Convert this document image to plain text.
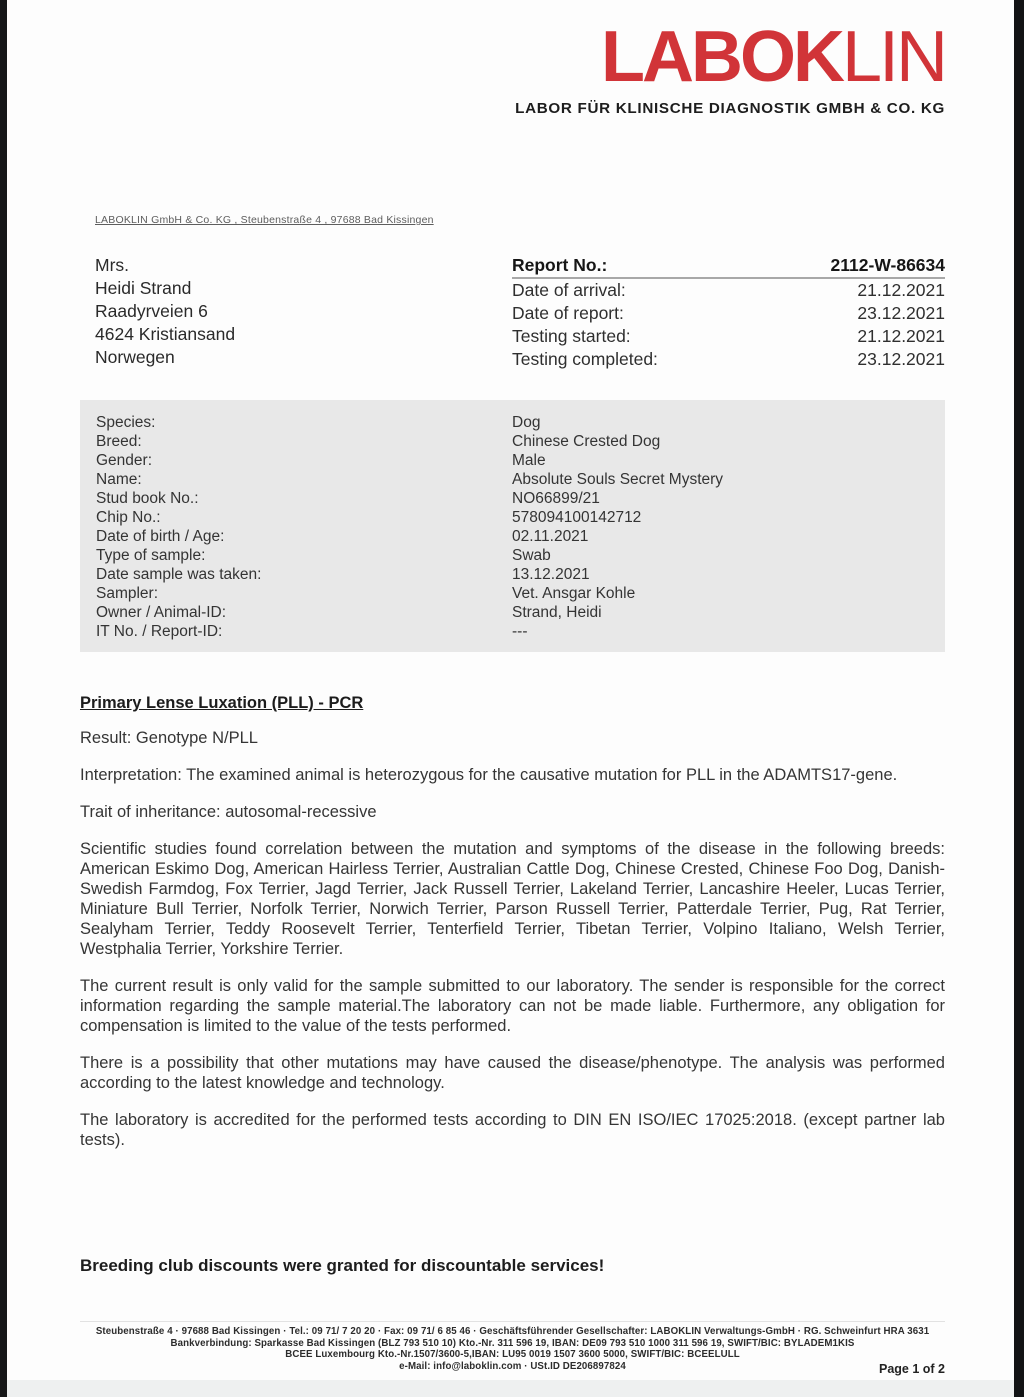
LABOKLIN
LABOR FÜR KLINISCHE DIAGNOSTIK GMBH & CO. KG
LABOKLIN GmbH & Co. KG , Steubenstraße 4 , 97688 Bad Kissingen
Mrs.
Heidi Strand
Raadyrveien 6
4624 Kristiansand
Norwegen
Report No.:	2112-W-86634
Date of arrival:	21.12.2021
Date of report:	23.12.2021
Testing started:	21.12.2021
Testing completed:	23.12.2021
Species:	Dog
Breed:	Chinese Crested Dog
Gender:	Male
Name:	Absolute Souls Secret Mystery
Stud book No.:	NO66899/21
Chip No.:	578094100142712
Date of birth / Age:	02.11.2021
Type of sample:	Swab
Date sample was taken:	13.12.2021
Sampler:	Vet. Ansgar Kohle
Owner / Animal-ID:	Strand, Heidi
IT No. / Report-ID:	---
Primary Lense Luxation (PLL) - PCR
Result: Genotype N/PLL
Interpretation: The examined animal is heterozygous for the causative mutation for PLL in the ADAMTS17-gene.
Trait of inheritance: autosomal-recessive
Scientific studies found correlation between the mutation and symptoms of the disease in the following breeds: American Eskimo Dog, American Hairless Terrier, Australian Cattle Dog, Chinese Crested, Chinese Foo Dog, Danish-Swedish Farmdog, Fox Terrier, Jagd Terrier, Jack Russell Terrier, Lakeland Terrier, Lancashire Heeler, Lucas Terrier, Miniature Bull Terrier, Norfolk Terrier, Norwich Terrier, Parson Russell Terrier, Patterdale Terrier, Pug, Rat Terrier, Sealyham Terrier, Teddy Roosevelt Terrier, Tenterfield Terrier, Tibetan Terrier, Volpino Italiano, Welsh Terrier, Westphalia Terrier, Yorkshire Terrier.
The current result is only valid for the sample submitted to our laboratory. The sender is responsible for the correct information regarding the sample material.The laboratory can not be made liable. Furthermore, any obligation for compensation is limited to the value of the tests performed.
There is a possibility that other mutations may have caused the disease/phenotype. The analysis was performed according to the latest knowledge and technology.
The laboratory is accredited for the performed tests according to DIN EN ISO/IEC 17025:2018. (except partner lab tests).
Breeding club discounts were granted for discountable services!
Steubenstraße 4 · 97688 Bad Kissingen · Tel.: 09 71/ 7 20 20 · Fax: 09 71/ 6 85 46 · Geschäftsführender Gesellschafter: LABOKLIN Verwaltungs-GmbH · RG. Schweinfurt HRA 3631
Bankverbindung: Sparkasse Bad Kissingen (BLZ 793 510 10) Kto.-Nr. 311 596 19, IBAN: DE09 793 510 1000 311 596 19, SWIFT/BIC: BYLADEM1KIS
BCEE Luxembourg Kto.-Nr.1507/3600-5,IBAN: LU95 0019 1507 3600 5000, SWIFT/BIC: BCEELULL
e-Mail: info@laboklin.com · USt.ID DE206897824	Page 1 of 2
